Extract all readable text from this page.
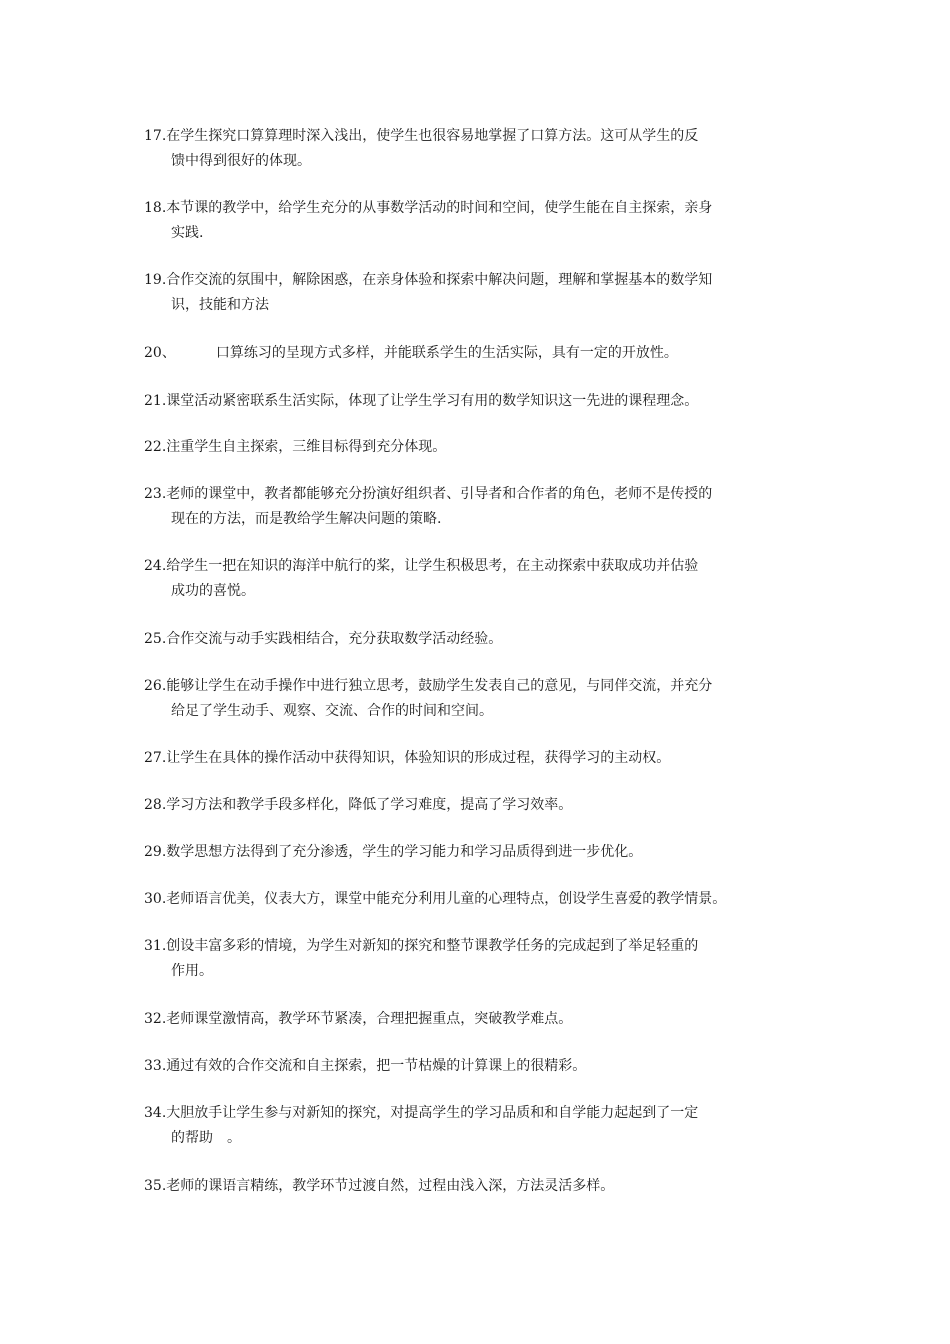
17.在学生探究口算算理时深入浅出，使学生也很容易地掌握了口算方法。这可从学生的反
馈中得到很好的体现。
18.本节课的教学中，给学生充分的从事数学活动的时间和空间，使学生能在自主探索，亲身
实践.
19.合作交流的氛围中，解除困惑，在亲身体验和探索中解决问题，理解和掌握基本的数学知
识，技能和方法
20、	口算练习的呈现方式多样，并能联系学生的生活实际，具有一定的开放性。
21.课堂活动紧密联系生活实际，体现了让学生学习有用的数学知识这一先进的课程理念。
22.注重学生自主探索，三维目标得到充分体现。
23.老师的课堂中，教者都能够充分扮演好组织者、引导者和合作者的角色，老师不是传授的
现在的方法，而是教给学生解决问题的策略.
24.给学生一把在知识的海洋中航行的桨，让学生积极思考，在主动探索中获取成功并估验
成功的喜悦。
25.合作交流与动手实践相结合，充分获取数学活动经验。
26.能够让学生在动手操作中进行独立思考，鼓励学生发表自己的意见，与同伴交流，并充分
给足了学生动手、观察、交流、合作的时间和空间。
27.让学生在具体的操作活动中获得知识，体验知识的形成过程，获得学习的主动权。
28.学习方法和教学手段多样化，降低了学习难度，提高了学习效率。
29.数学思想方法得到了充分渗透，学生的学习能力和学习品质得到进一步优化。
30.老师语言优美，仪表大方，课堂中能充分利用儿童的心理特点，创设学生喜爱的教学情景。
31.创设丰富多彩的情境，为学生对新知的探究和整节课教学任务的完成起到了举足轻重的
作用。
32.老师课堂激情高，教学环节紧凑，合理把握重点，突破教学难点。
33.通过有效的合作交流和自主探索，把一节枯燥的计算课上的很精彩。
34.大胆放手让学生参与对新知的探究，对提高学生的学习品质和和自学能力起起到了一定
的帮助　。
35.老师的课语言精练，教学环节过渡自然，过程由浅入深，方法灵活多样。
